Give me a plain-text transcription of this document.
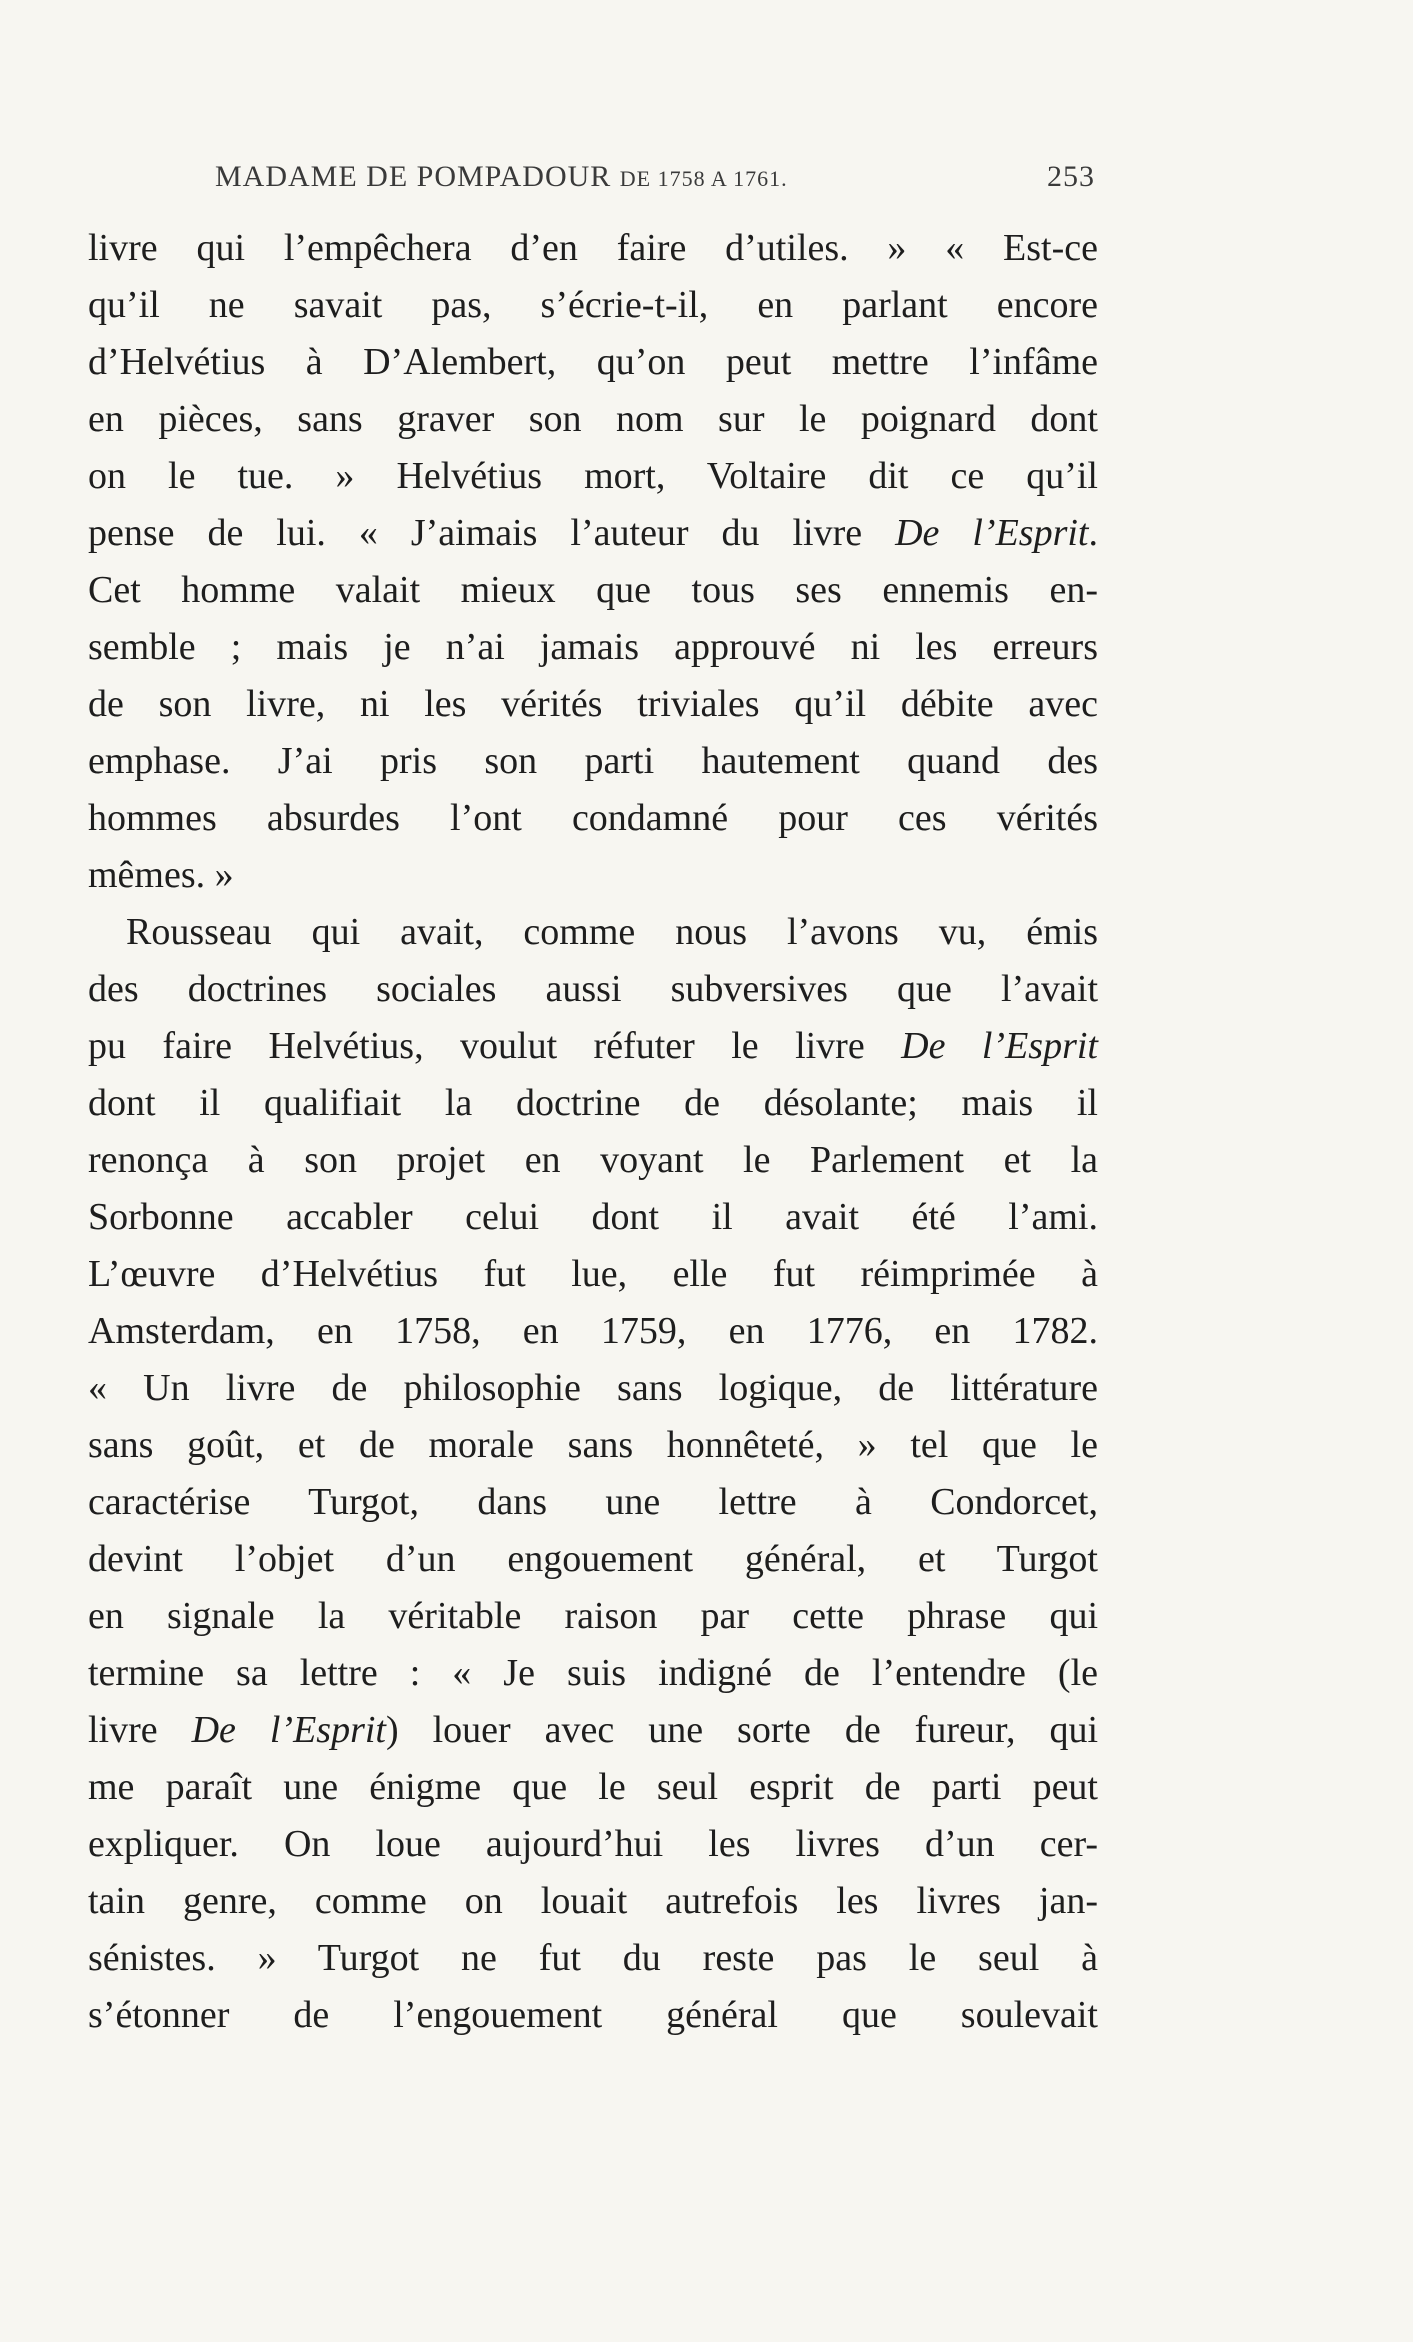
MADAME DE POMPADOUR DE 1758 A 1761.	253
livre qui l’empêchera d’en faire d’utiles. » « Est-ce
qu’il ne savait pas, s’écrie-t-il, en parlant encore
d’Helvétius à D’Alembert, qu’on peut mettre l’infâme
en pièces, sans graver son nom sur le poignard dont
on le tue. » Helvétius mort, Voltaire dit ce qu’il
pense de lui. « J’aimais l’auteur du livre De l’Esprit.
Cet homme valait mieux que tous ses ennemis en-
semble ; mais je n’ai jamais approuvé ni les erreurs
de son livre, ni les vérités triviales qu’il débite avec
emphase. J’ai pris son parti hautement quand des
hommes absurdes l’ont condamné pour ces vérités
mêmes. »
Rousseau qui avait, comme nous l’avons vu, émis
des doctrines sociales aussi subversives que l’avait
pu faire Helvétius, voulut réfuter le livre De l’Esprit
dont il qualifiait la doctrine de désolante; mais il
renonça à son projet en voyant le Parlement et la
Sorbonne accabler celui dont il avait été l’ami.
L’œuvre d’Helvétius fut lue, elle fut réimprimée à
Amsterdam, en 1758, en 1759, en 1776, en 1782.
« Un livre de philosophie sans logique, de littérature
sans goût, et de morale sans honnêteté, » tel que le
caractérise Turgot, dans une lettre à Condorcet,
devint l’objet d’un engouement général, et Turgot
en signale la véritable raison par cette phrase qui
termine sa lettre : « Je suis indigné de l’entendre (le
livre De l’Esprit) louer avec une sorte de fureur, qui
me paraît une énigme que le seul esprit de parti peut
expliquer. On loue aujourd’hui les livres d’un cer-
tain genre, comme on louait autrefois les livres jan-
sénistes. » Turgot ne fut du reste pas le seul à
s’étonner de l’engouement général que soulevait
